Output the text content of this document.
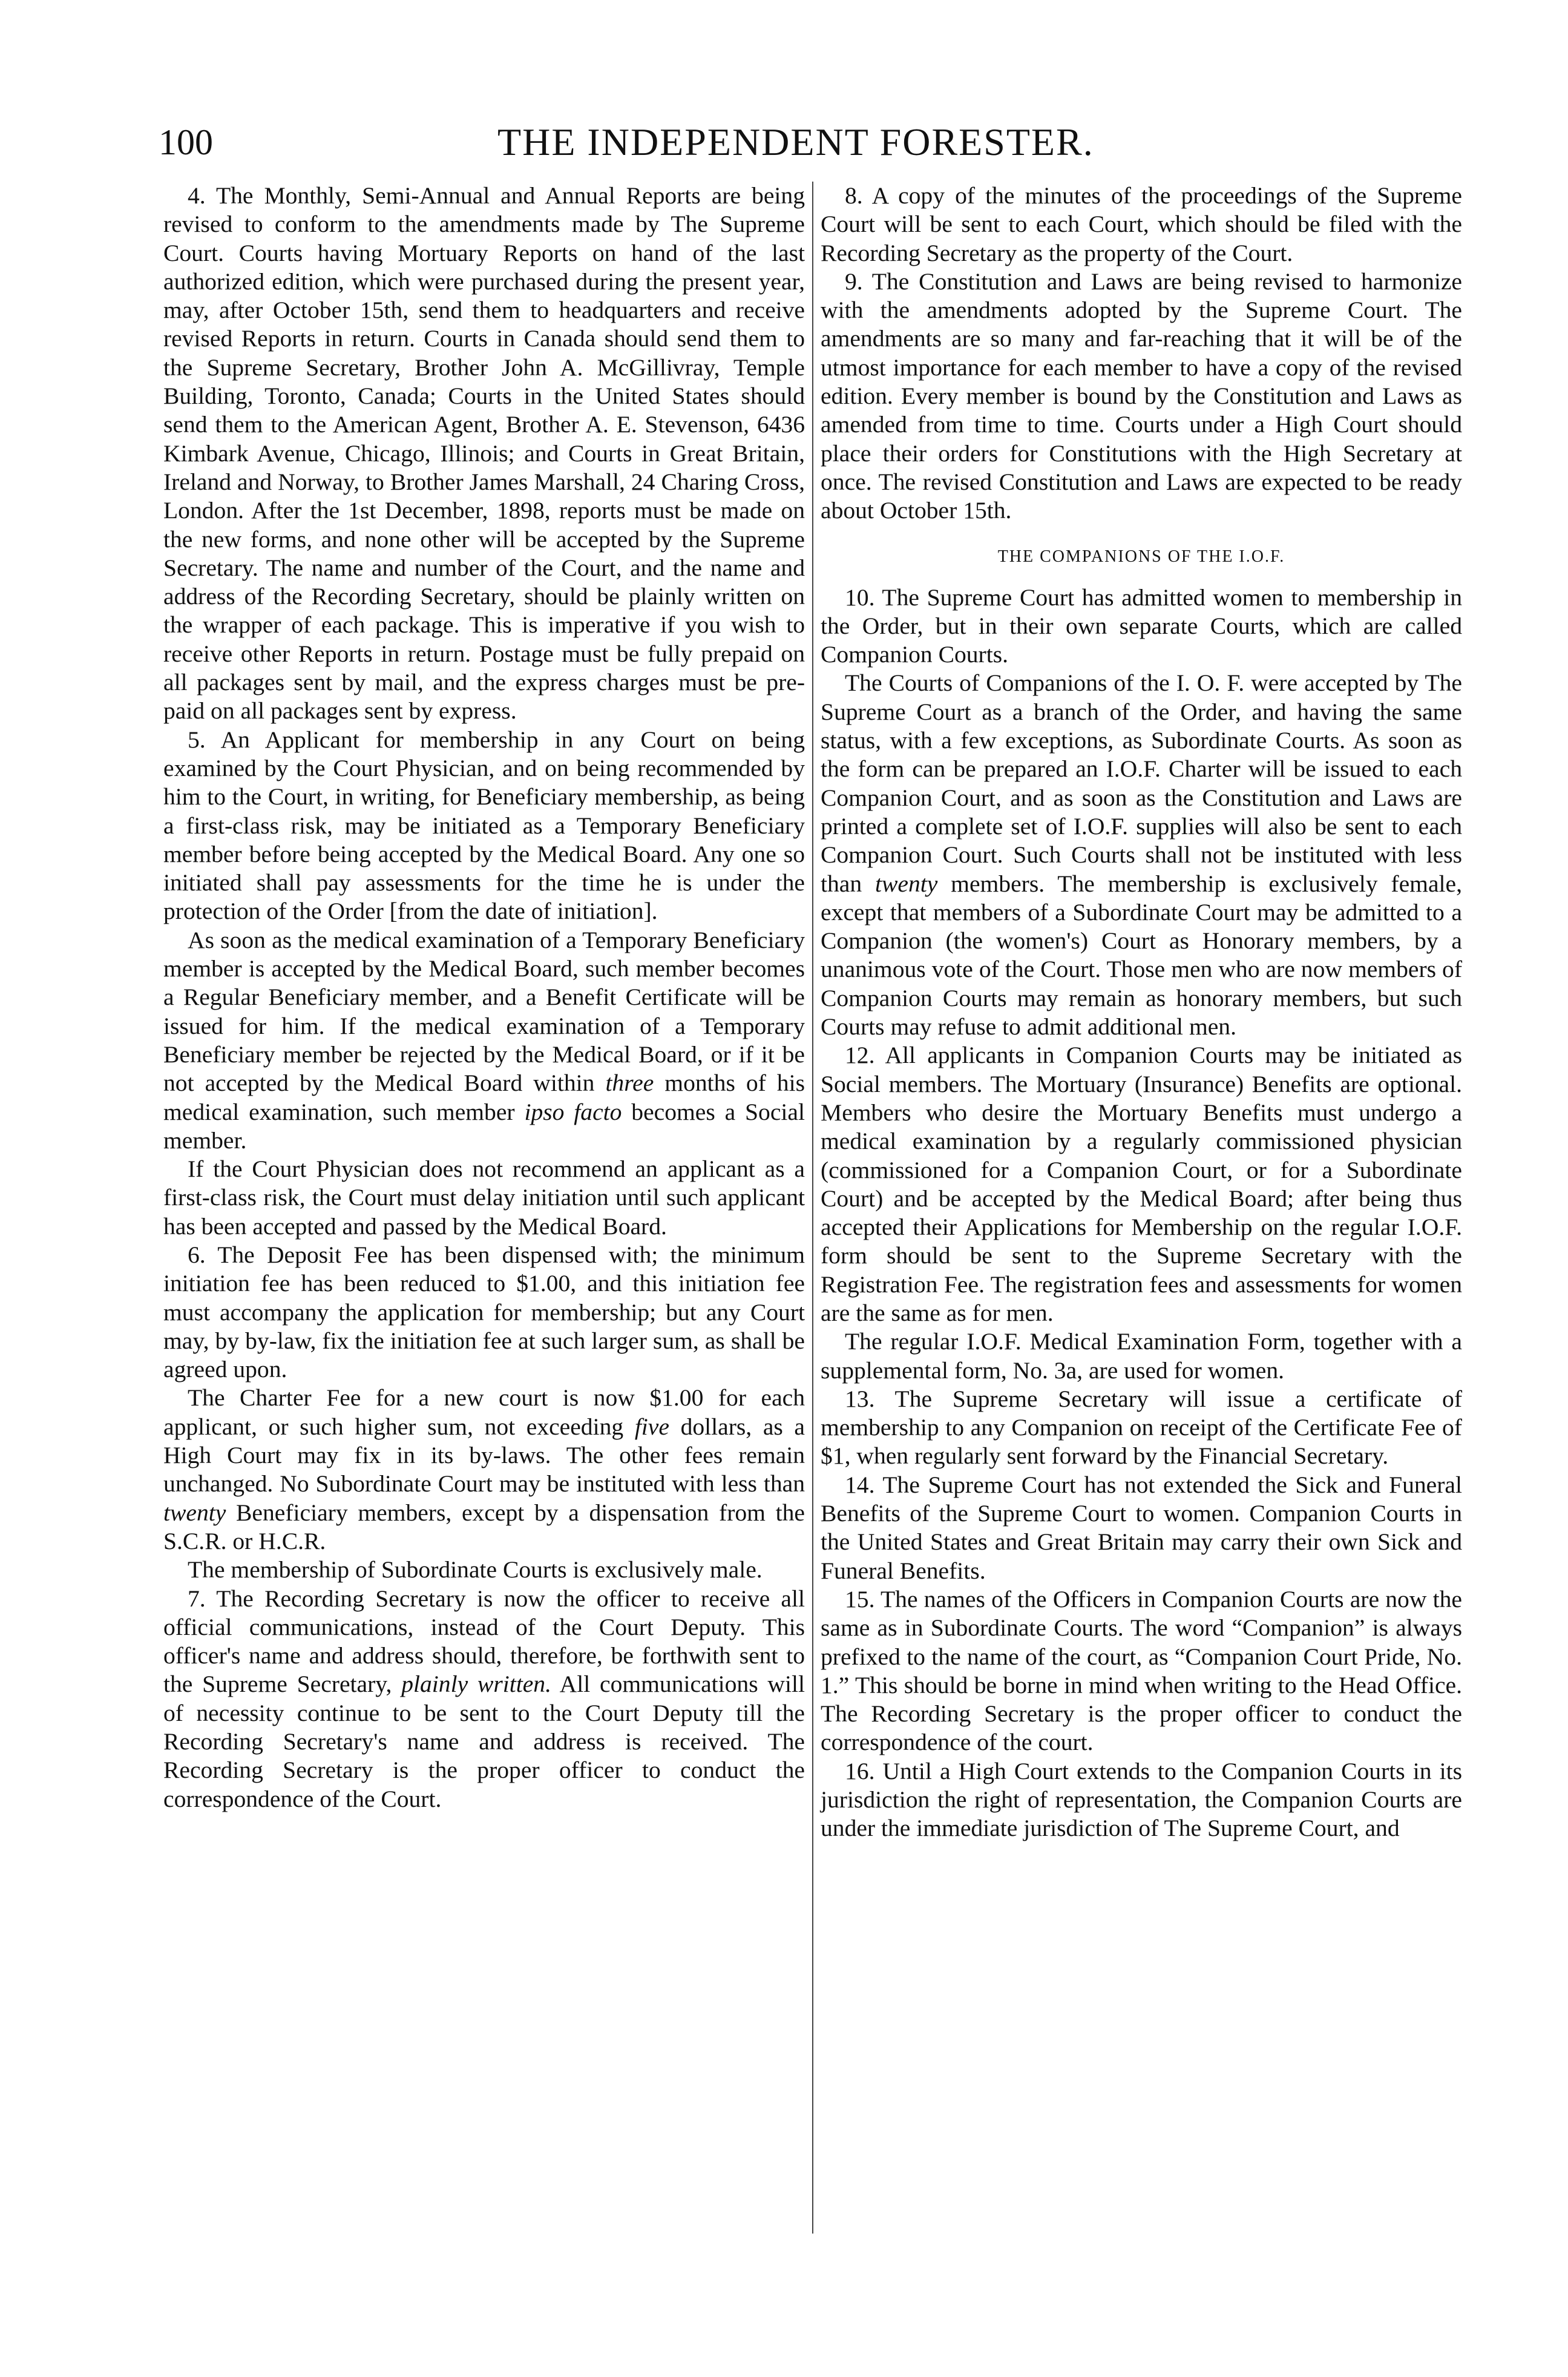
100	THE INDEPENDENT FORESTER.

4. The Monthly, Semi-Annual and Annual Reports are being revised to conform to the amendments made by The Supreme Court. Courts having Mortuary Reports on hand of the last authorized edition, which were purchased during the present year, may, after October 15th, send them to headquarters and receive revised Reports in return. Courts in Canada should send them to the Supreme Secretary, Brother John A. McGillivray, Temple Building, Toronto, Canada; Courts in the United States should send them to the American Agent, Brother A. E. Stevenson, 6436 Kimbark Avenue, Chicago, Illinois; and Courts in Great Britain, Ireland and Norway, to Brother James Marshall, 24 Charing Cross, London. After the 1st December, 1898, reports must be made on the new forms, and none other will be accepted by the Supreme Secretary. The name and number of the Court, and the name and address of the Recording Secretary, should be plainly written on the wrapper of each package. This is imperative if you wish to receive other Reports in return. Postage must be fully prepaid on all packages sent by mail, and the express charges must be pre-paid on all packages sent by express.

5. An Applicant for membership in any Court on being examined by the Court Physician, and on being recommended by him to the Court, in writing, for Beneficiary membership, as being a first-class risk, may be initiated as a Temporary Beneficiary member before being accepted by the Medical Board. Any one so initiated shall pay assessments for the time he is under the protection of the Order [from the date of initiation].

As soon as the medical examination of a Temporary Beneficiary member is accepted by the Medical Board, such member becomes a Regular Beneficiary member, and a Benefit Certificate will be issued for him. If the medical examination of a Temporary Beneficiary member be rejected by the Medical Board, or if it be not accepted by the Medical Board within three months of his medical examination, such member ipso facto becomes a Social member.

If the Court Physician does not recommend an applicant as a first-class risk, the Court must delay initiation until such applicant has been accepted and passed by the Medical Board.

6. The Deposit Fee has been dispensed with; the minimum initiation fee has been reduced to $1.00, and this initiation fee must accompany the application for membership; but any Court may, by by-law, fix the initiation fee at such larger sum, as shall be agreed upon.

The Charter Fee for a new court is now $1.00 for each applicant, or such higher sum, not exceeding five dollars, as a High Court may fix in its by-laws. The other fees remain unchanged. No Subordinate Court may be instituted with less than twenty Beneficiary members, except by a dispensation from the S.C.R. or H.C.R.

The membership of Subordinate Courts is exclusively male.

7. The Recording Secretary is now the officer to receive all official communications, instead of the Court Deputy. This officer's name and address should, therefore, be forthwith sent to the Supreme Secretary, plainly written. All communications will of necessity continue to be sent to the Court Deputy till the Recording Secretary's name and address is received. The Recording Secretary is the proper officer to conduct the correspondence of the Court.

8. A copy of the minutes of the proceedings of the Supreme Court will be sent to each Court, which should be filed with the Recording Secretary as the property of the Court.

9. The Constitution and Laws are being revised to harmonize with the amendments adopted by the Supreme Court. The amendments are so many and far-reaching that it will be of the utmost importance for each member to have a copy of the revised edition. Every member is bound by the Constitution and Laws as amended from time to time. Courts under a High Court should place their orders for Constitutions with the High Secretary at once. The revised Constitution and Laws are expected to be ready about October 15th.

THE COMPANIONS OF THE I.O.F.

10. The Supreme Court has admitted women to membership in the Order, but in their own separate Courts, which are called Companion Courts.

The Courts of Companions of the I. O. F. were accepted by The Supreme Court as a branch of the Order, and having the same status, with a few exceptions, as Subordinate Courts. As soon as the form can be prepared an I.O.F. Charter will be issued to each Companion Court, and as soon as the Constitution and Laws are printed a complete set of I.O.F. supplies will also be sent to each Companion Court. Such Courts shall not be instituted with less than twenty members. The membership is exclusively female, except that members of a Subordinate Court may be admitted to a Companion (the women's) Court as Honorary members, by a unanimous vote of the Court. Those men who are now members of Companion Courts may remain as honorary members, but such Courts may refuse to admit additional men.

12. All applicants in Companion Courts may be initiated as Social members. The Mortuary (Insurance) Benefits are optional. Members who desire the Mortuary Benefits must undergo a medical examination by a regularly commissioned physician (commissioned for a Companion Court, or for a Subordinate Court) and be accepted by the Medical Board; after being thus accepted their Applications for Membership on the regular I.O.F. form should be sent to the Supreme Secretary with the Registration Fee. The registration fees and assessments for women are the same as for men.

The regular I.O.F. Medical Examination Form, together with a supplemental form, No. 3a, are used for women.

13. The Supreme Secretary will issue a certificate of membership to any Companion on receipt of the Certificate Fee of $1, when regularly sent forward by the Financial Secretary.

14. The Supreme Court has not extended the Sick and Funeral Benefits of the Supreme Court to women. Companion Courts in the United States and Great Britain may carry their own Sick and Funeral Benefits.

15. The names of the Officers in Companion Courts are now the same as in Subordinate Courts. The word “Companion” is always prefixed to the name of the court, as “Companion Court Pride, No. 1.” This should be borne in mind when writing to the Head Office. The Recording Secretary is the proper officer to conduct the correspondence of the court.

16. Until a High Court extends to the Companion Courts in its jurisdiction the right of representation, the Companion Courts are under the immediate jurisdiction of The Supreme Court, and
